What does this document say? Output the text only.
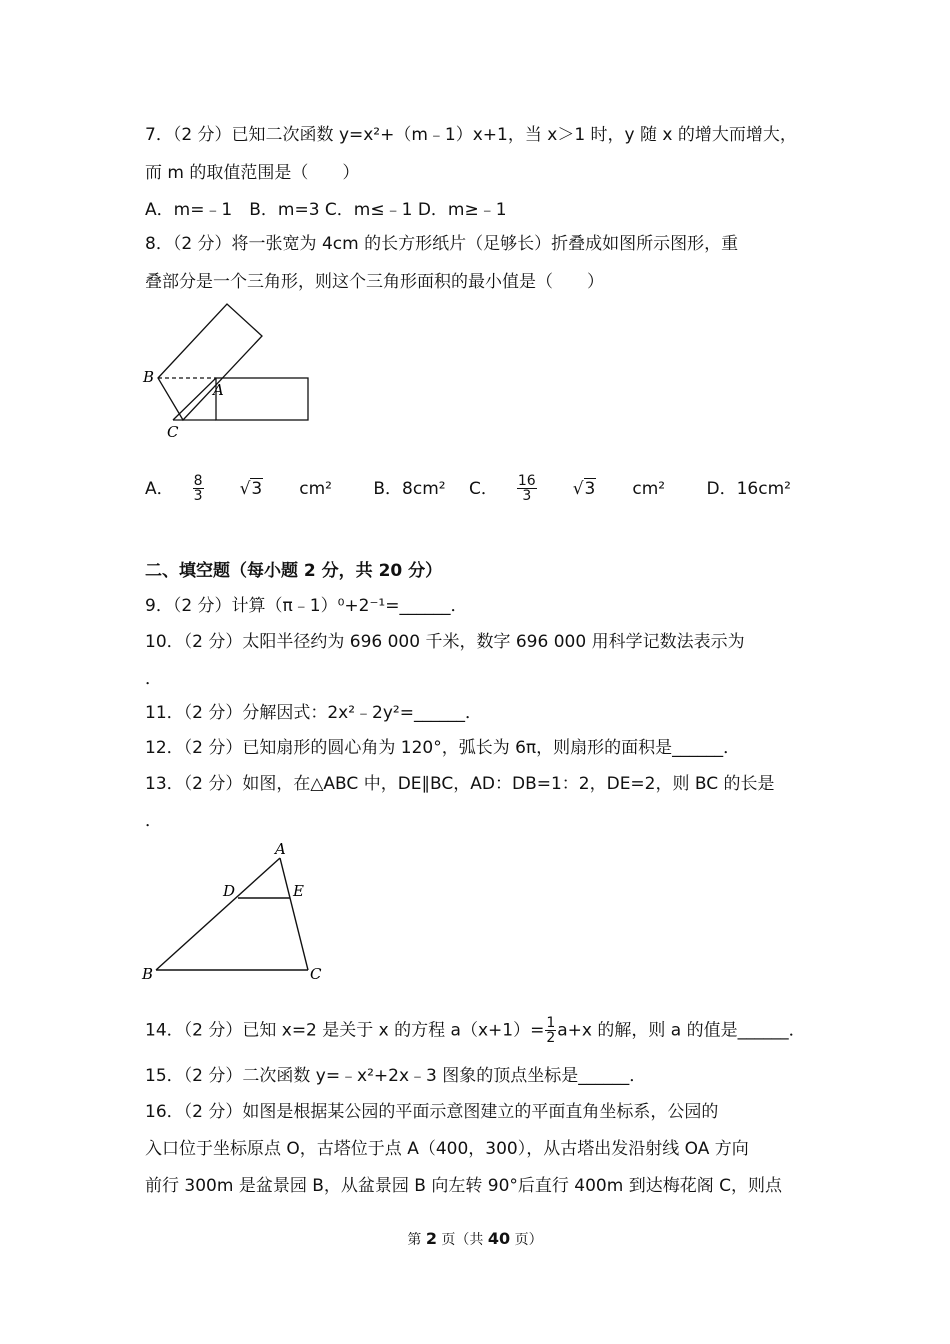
7．（2 分）已知二次函数 y=x²+（m﹣1）x+1，当 x＞1 时，y 随 x 的增大而增大，
而 m 的取值范围是（　　）
A．m=﹣1　B．m=3 C．m≤﹣1 D．m≥﹣1
8．（2 分）将一张宽为 4cm 的长方形纸片（足够长）折叠成如图所示图形，重
叠部分是一个三角形，则这个三角形面积的最小值是（　　）
B
A
C
A． $\frac{8}{3} √3$ cm² B．8cm² C． $\frac{16}{3} √3$ cm² D．16cm²
二、填空题（每小题 2 分，共 20 分）
9．（2 分）计算（π﹣1）⁰+2⁻¹=______．
10．（2 分）太阳半径约为 696 000 千米，数字 696 000 用科学记数法表示为
．
11．（2 分）分解因式：2x²﹣2y²=______．
12．（2 分）已知扇形的圆心角为 120°，弧长为 6π，则扇形的面积是______．
13．（2 分）如图，在△ABC 中，DE∥BC，AD：DB=1：2，DE=2，则 BC 的长是
．
A
D	E
B	C
14．（2 分）已知 x=2 是关于 x 的方程 $a(x+1)= \frac{1}{2} a+x$ 的解，则 a 的值是______．
15．（2 分）二次函数 y=﹣x²+2x﹣3 图象的顶点坐标是______．
16．（2 分）如图是根据某公园的平面示意图建立的平面直角坐标系，公园的
入口位于坐标原点 O，古塔位于点 A（400，300），从古塔出发沿射线 OA 方向
前行 300m 是盆景园 B，从盆景园 B 向左转 90°后直行 400m 到达梅花阁 C，则点
第 2 页（共 40 页）
